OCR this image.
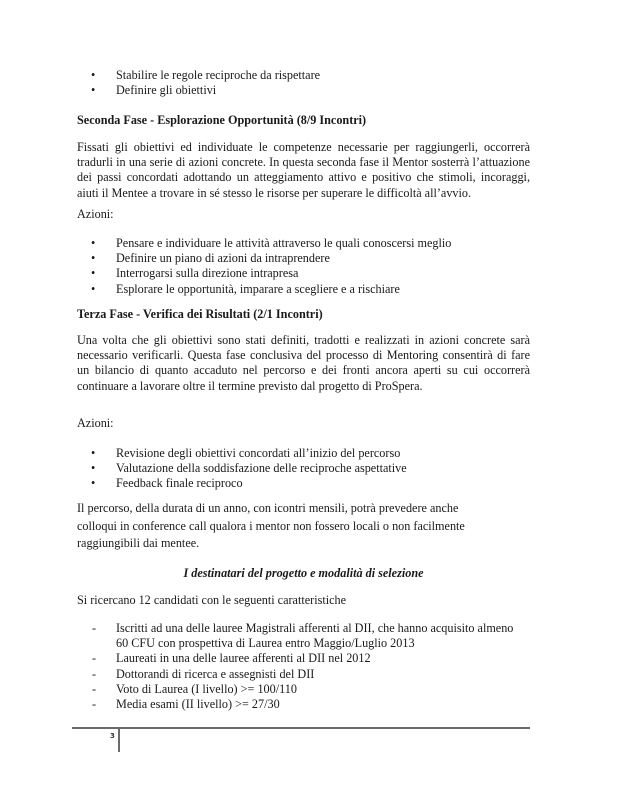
• Stabilire le regole reciproche da rispettare
• Definire gli obiettivi
Seconda Fase - Esplorazione Opportunità (8/9 Incontri)

Fissati gli obiettivi ed individuate le competenze necessarie per raggiungerli, occorrerà tradurli in una serie di azioni concrete. In questa seconda fase il Mentor sosterrà l’attuazione dei passi concordati adottando un atteggiamento attivo e positivo che stimoli, incoraggi, aiuti il Mentee a trovare in sé stesso le risorse per superare le difficoltà all’avvio.

Azioni:
• Pensare e individuare le attività attraverso le quali conoscersi meglio
• Definire un piano di azioni da intraprendere
• Interrogarsi sulla direzione intrapresa
• Esplorare le opportunità, imparare a scegliere e a rischiare
Terza Fase - Verifica dei Risultati (2/1 Incontri)

Una volta che gli obiettivi sono stati definiti, tradotti e realizzati in azioni concrete sarà necessario verificarli. Questa fase conclusiva del processo di Mentoring consentirà di fare un bilancio di quanto accaduto nel percorso e dei fronti ancora aperti su cui occorrerà continuare a lavorare oltre il termine previsto dal progetto di ProSpera.

Azioni:
• Revisione degli obiettivi concordati all’inizio del percorso
• Valutazione della soddisfazione delle reciproche aspettative
• Feedback finale reciproco

Il percorso, della durata di un anno, con icontri mensili, potrà prevedere anche colloqui in conference call qualora i mentor non fossero locali o non facilmente raggiungibili dai mentee.

I destinatari del progetto e modalità di selezione
Si ricercano 12 candidati con le seguenti caratteristiche
- Iscritti ad una delle lauree Magistrali afferenti al DII, che hanno acquisito almeno 60 CFU con prospettiva di Laurea entro Maggio/Luglio 2013
- Laureati in una delle lauree afferenti al DII nel 2012
- Dottorandi di ricerca e assegnisti del DII
- Voto di Laurea (I livello) >= 100/110
- Media esami (II livello) >= 27/30
3
